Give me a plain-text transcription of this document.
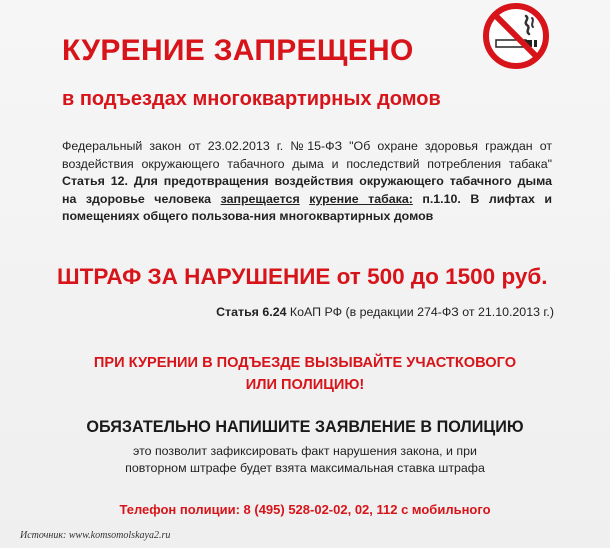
КУРЕНИЕ ЗАПРЕЩЕНО
в подъездах многоквартирных домов
Федеральный закон от 23.02.2013 г. №15-ФЗ "Об охране здоровья граждан от воздействия окружающего табачного дыма и последствий потребления табака" Статья 12. Для предотвращения воздействия окружающего табачного дыма на здоровье человека запрещается курение табака: п.1.10. В лифтах и помещениях общего пользова-ния многоквартирных домов
ШТРАФ ЗА НАРУШЕНИЕ от 500 до 1500 руб.
Статья 6.24 КоАП РФ (в редакции 274-ФЗ от 21.10.2013 г.)
ПРИ КУРЕНИИ В ПОДЪЕЗДЕ ВЫЗЫВАЙТЕ УЧАСТКОВОГО
ИЛИ ПОЛИЦИЮ!
ОБЯЗАТЕЛЬНО НАПИШИТЕ ЗАЯВЛЕНИЕ В ПОЛИЦИЮ
это позволит зафиксировать факт нарушения закона, и при
повторном штрафе будет взята максимальная ставка штрафа
Телефон полиции: 8 (495) 528-02-02, 02, 112 с мобильного
Источник: www.komsomolskaya2.ru
